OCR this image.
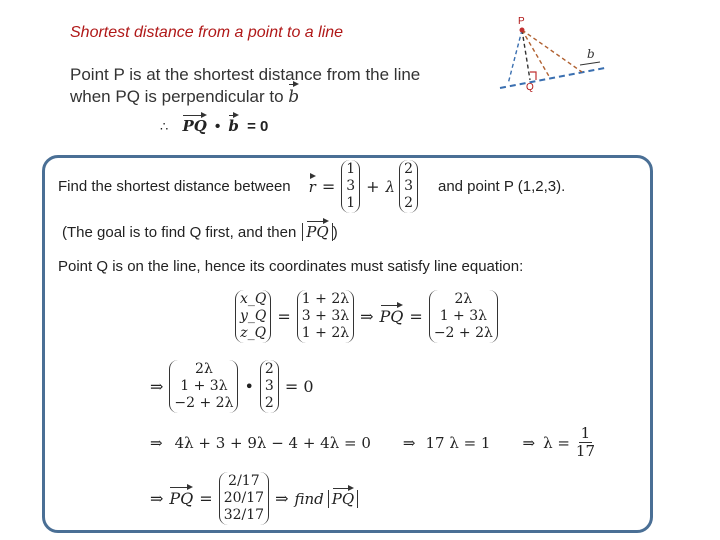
Shortest distance from a point to a line
Point P is at the shortest distance from the line
when PQ is perpendicular to b
∴ PQ • b = 0
P
Q
b
Find the shortest distance between r =
1
3
1
+ λ
2
3
2
and point P (1,2,3).
(The goal is to find Q first, and then PQ )
Point Q is on the line, hence its coordinates must satisfy line equation:
x_Q
y_Q
z_Q
=
1 + 2λ
3 + 3λ
1 + 2λ
⇒ PQ =
2λ
1 + 3λ
−2 + 2λ
⇒
2λ
1 + 3λ
−2 + 2λ
•
2
3
2
= 0
⇒ 4λ + 3 + 9λ − 4 + 4λ = 0 ⇒ 17 λ = 1 ⇒ $\lambda = \frac{1}{17}$
⇒ PQ =
2/17
20/17
32/17
⇒ find PQ
